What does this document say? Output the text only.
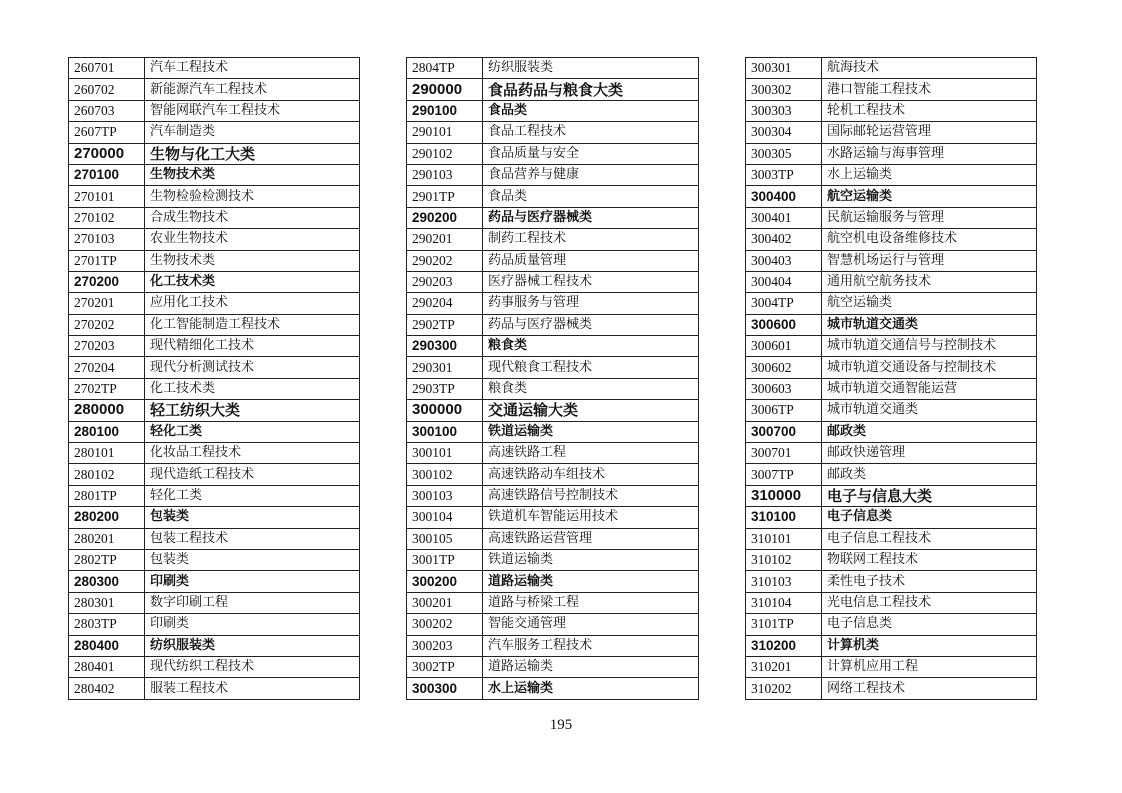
260701	汽车工程技术
260702	新能源汽车工程技术
260703	智能网联汽车工程技术
2607TP	汽车制造类
270000	生物与化工大类
270100	生物技术类
270101	生物检验检测技术
270102	合成生物技术
270103	农业生物技术
2701TP	生物技术类
270200	化工技术类
270201	应用化工技术
270202	化工智能制造工程技术
270203	现代精细化工技术
270204	现代分析测试技术
2702TP	化工技术类
280000	轻工纺织大类
280100	轻化工类
280101	化妆品工程技术
280102	现代造纸工程技术
2801TP	轻化工类
280200	包装类
280201	包装工程技术
2802TP	包装类
280300	印刷类
280301	数字印刷工程
2803TP	印刷类
280400	纺织服装类
280401	现代纺织工程技术
280402	服装工程技术
2804TP	纺织服装类
290000	食品药品与粮食大类
290100	食品类
290101	食品工程技术
290102	食品质量与安全
290103	食品营养与健康
2901TP	食品类
290200	药品与医疗器械类
290201	制药工程技术
290202	药品质量管理
290203	医疗器械工程技术
290204	药事服务与管理
2902TP	药品与医疗器械类
290300	粮食类
290301	现代粮食工程技术
2903TP	粮食类
300000	交通运输大类
300100	铁道运输类
300101	高速铁路工程
300102	高速铁路动车组技术
300103	高速铁路信号控制技术
300104	铁道机车智能运用技术
300105	高速铁路运营管理
3001TP	铁道运输类
300200	道路运输类
300201	道路与桥梁工程
300202	智能交通管理
300203	汽车服务工程技术
3002TP	道路运输类
300300	水上运输类
300301	航海技术
300302	港口智能工程技术
300303	轮机工程技术
300304	国际邮轮运营管理
300305	水路运输与海事管理
3003TP	水上运输类
300400	航空运输类
300401	民航运输服务与管理
300402	航空机电设备维修技术
300403	智慧机场运行与管理
300404	通用航空航务技术
3004TP	航空运输类
300600	城市轨道交通类
300601	城市轨道交通信号与控制技术
300602	城市轨道交通设备与控制技术
300603	城市轨道交通智能运营
3006TP	城市轨道交通类
300700	邮政类
300701	邮政快递管理
3007TP	邮政类
310000	电子与信息大类
310100	电子信息类
310101	电子信息工程技术
310102	物联网工程技术
310103	柔性电子技术
310104	光电信息工程技术
3101TP	电子信息类
310200	计算机类
310201	计算机应用工程
310202	网络工程技术
195
